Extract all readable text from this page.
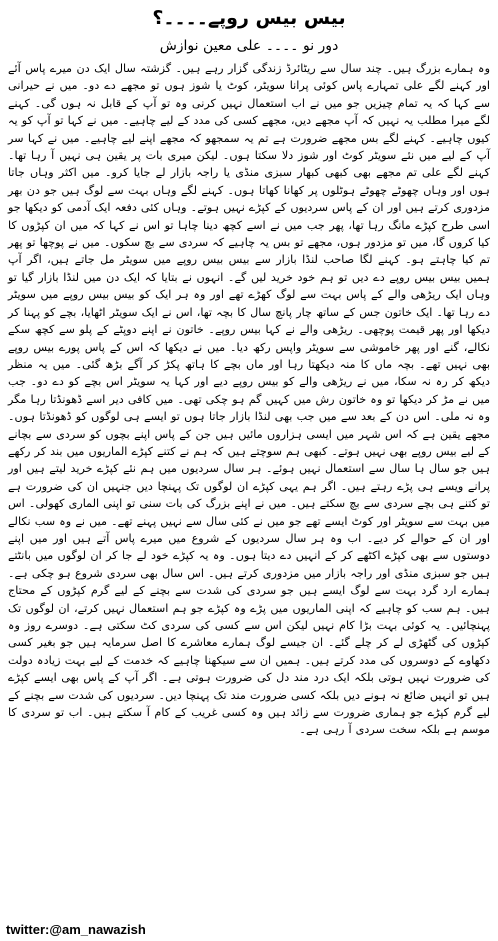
بیس بیس روپے۔۔۔۔؟
دور نو ۔۔۔۔ علی معین نوازش

وہ ہمارے بزرگ ہیں۔ چند سال سے ریٹائرڈ زندگی گزار رہے ہیں۔ گزشتہ سال ایک دن میرے پاس آئے اور کہنے لگے علی تمہارے پاس کوئی پرانا سویٹر، کوٹ یا شوز ہوں تو مجھے دے دو۔ میں نے حیرانی سے کہا کہ یہ تمام چیزیں جو میں نے اب استعمال نہیں کرنی وہ تو آپ کے قابل نہ ہوں گی۔ کہنے لگے میرا مطلب یہ نہیں کہ آپ مجھے دیں، مجھے کسی کی مدد کے لیے چاہیے۔ میں نے کہا تو آپ کو یہ کیوں چاہیے۔ کہنے لگے بس مجھے ضرورت ہے تم یہ سمجھو کہ مجھے اپنے لیے چاہیے۔ میں نے کہا سر آپ کے لیے میں نئے سویٹر کوٹ اور شوز دلا سکتا ہوں۔ لیکن میری بات پر یقین ہی نہیں آ رہا تھا۔ کہنے لگے علی تم مجھے بھی کبھی کبھار سبزی منڈی یا راجہ بازار لے جایا کرو۔ میں اکثر وہاں جاتا ہوں اور وہاں چھوٹے چھوٹے ہوٹلوں پر کھانا کھاتا ہوں۔ کہنے لگے وہاں بہت سے لوگ ہیں جو دن بھر مزدوری کرتے ہیں اور ان کے پاس سردیوں کے کپڑے نہیں ہوتے۔ وہاں کئی دفعہ ایک آدمی کو دیکھا جو اسی طرح کپڑے مانگ رہا تھا، پھر جب میں نے اسے کچھ دینا چاہا تو اس نے کہا کہ میں ان کپڑوں کا کیا کروں گا، میں تو مزدور ہوں، مجھے تو بس یہ چاہیے کہ سردی سے بچ سکوں۔ میں نے پوچھا تو پھر تم کیا چاہتے ہو۔ کہنے لگا صاحب لنڈا بازار سے بیس بیس روپے میں سویٹر مل جاتے ہیں، اگر آپ ہمیں بیس بیس روپے دے دیں تو ہم خود خرید لیں گے۔ انہوں نے بتایا کہ ایک دن میں لنڈا بازار گیا تو وہاں ایک ریڑھی والے کے پاس بہت سے لوگ کھڑے تھے اور وہ ہر ایک کو بیس بیس روپے میں سویٹر دے رہا تھا۔ ایک خاتون جس کے ساتھ چار پانچ سال کا بچہ تھا، اس نے ایک سویٹر اٹھایا، بچے کو پہنا کر دیکھا اور پھر قیمت پوچھی۔ ریڑھی والے نے کہا بیس روپے۔ خاتون نے اپنے دوپٹے کے پلو سے کچھ سکے نکالے، گنے اور پھر خاموشی سے سویٹر واپس رکھ دیا۔ میں نے دیکھا کہ اس کے پاس پورے بیس روپے بھی نہیں تھے۔ بچہ ماں کا منہ دیکھتا رہا اور ماں بچے کا ہاتھ پکڑ کر آگے بڑھ گئی۔ میں یہ منظر دیکھ کر رہ نہ سکا، میں نے ریڑھی والے کو بیس روپے دیے اور کہا یہ سویٹر اس بچے کو دے دو۔ جب میں نے مڑ کر دیکھا تو وہ خاتون رش میں کہیں گم ہو چکی تھی۔ میں کافی دیر اسے ڈھونڈتا رہا مگر وہ نہ ملی۔ اس دن کے بعد سے میں جب بھی لنڈا بازار جاتا ہوں تو ایسے ہی لوگوں کو ڈھونڈتا ہوں۔ مجھے یقین ہے کہ اس شہر میں ایسی ہزاروں مائیں ہیں جن کے پاس اپنے بچوں کو سردی سے بچانے کے لیے بیس روپے بھی نہیں ہوتے۔ کبھی ہم سوچتے ہیں کہ ہم نے کتنے کپڑے الماریوں میں بند کر رکھے ہیں جو سال ہا سال سے استعمال نہیں ہوئے۔ ہر سال سردیوں میں ہم نئے کپڑے خرید لیتے ہیں اور پرانے ویسے ہی پڑے رہتے ہیں۔ اگر ہم یہی کپڑے ان لوگوں تک پہنچا دیں جنہیں ان کی ضرورت ہے تو کتنے ہی بچے سردی سے بچ سکتے ہیں۔ میں نے اپنے بزرگ کی بات سنی تو اپنی الماری کھولی۔ اس میں بہت سے سویٹر اور کوٹ ایسے تھے جو میں نے کئی سال سے نہیں پہنے تھے۔ میں نے وہ سب نکالے اور ان کے حوالے کر دیے۔ اب وہ ہر سال سردیوں کے شروع میں میرے پاس آتے ہیں اور میں اپنے دوستوں سے بھی کپڑے اکٹھے کر کے انہیں دے دیتا ہوں۔ وہ یہ کپڑے خود لے جا کر ان لوگوں میں بانٹتے ہیں جو سبزی منڈی اور راجہ بازار میں مزدوری کرتے ہیں۔ اس سال بھی سردی شروع ہو چکی ہے۔ ہمارے ارد گرد بہت سے لوگ ایسے ہیں جو سردی کی شدت سے بچنے کے لیے گرم کپڑوں کے محتاج ہیں۔ ہم سب کو چاہیے کہ اپنی الماریوں میں پڑے وہ کپڑے جو ہم استعمال نہیں کرتے، ان لوگوں تک پہنچائیں۔ یہ کوئی بہت بڑا کام نہیں لیکن اس سے کسی کی سردی کٹ سکتی ہے۔ دوسرے روز وہ کپڑوں کی گٹھڑی لے کر چلے گئے۔ ان جیسے لوگ ہمارے معاشرے کا اصل سرمایہ ہیں جو بغیر کسی دکھاوے کے دوسروں کی مدد کرتے ہیں۔ ہمیں ان سے سیکھنا چاہیے کہ خدمت کے لیے بہت زیادہ دولت کی ضرورت نہیں ہوتی بلکہ ایک درد مند دل کی ضرورت ہوتی ہے۔ اگر آپ کے پاس بھی ایسے کپڑے ہیں تو انہیں ضائع نہ ہونے دیں بلکہ کسی ضرورت مند تک پہنچا دیں۔ سردیوں کی شدت سے بچنے کے لیے گرم کپڑے جو ہماری ضرورت سے زائد ہیں وہ کسی غریب کے کام آ سکتے ہیں۔ اب تو سردی کا موسم ہے بلکہ سخت سردی آ رہی ہے۔

twitter:@am_nawazish
